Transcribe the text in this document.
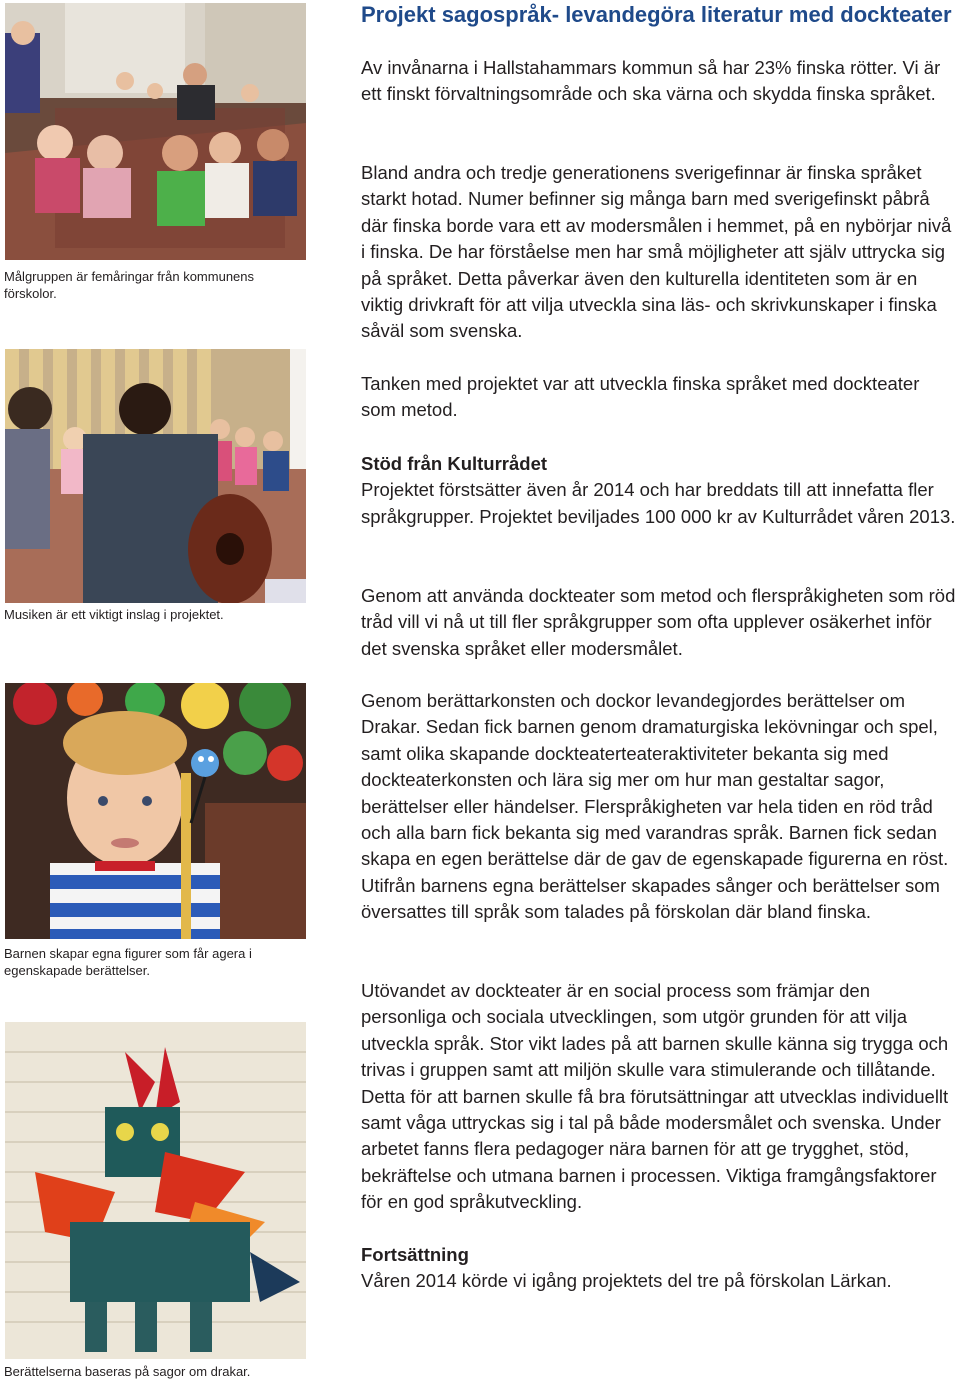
Projekt sagospråk- levandegöra literatur med dockteater
Målgruppen är femåringar från kommunens förskolor.
Musiken är ett viktigt inslag i projektet.
Barnen skapar egna figurer som får agera i egenskapade berättelser.
Berättelserna baseras på sagor om drakar.

Av invånarna i Hallstahammars kommun så har 23% finska rötter. Vi är ett finskt förvaltningsområde och ska värna och skydda finska språket.

Bland andra och tredje generationens sverigefinnar är finska språket starkt hotad. Numer befinner sig många barn med sverigefinskt påbrå där finska borde vara ett av modersmålen i hemmet, på en nybörjar nivå i finska. De har förståelse men har små möjligheter att själv uttrycka sig på språket. Detta påverkar även den kulturella identiteten som är en viktig drivkraft för att vilja utveckla sina läs- och skrivkunskaper i finska såväl som svenska.

Tanken med projektet var att utveckla finska språket med dockteater som metod.

Stöd från Kulturrådet

Projektet förstsätter även år 2014 och har breddats till att innefatta fler språkgrupper. Projektet beviljades 100 000 kr av Kulturrådet våren 2013.

Genom att använda dockteater som metod och flerspråkigheten som röd tråd vill vi nå ut till fler språkgrupper som ofta upplever osäkerhet inför det svenska språket eller modersmålet.

Genom berättarkonsten och dockor levandegjordes berättelser om Drakar. Sedan fick barnen genom dramaturgiska lekövningar och spel, samt olika skapande dockteaterteateraktiviteter bekanta sig med dockteaterkonsten och lära sig mer om hur man gestaltar sagor, berättelser eller händelser. Flerspråkigheten var hela tiden en röd tråd och alla barn fick bekanta sig med varandras språk. Barnen fick sedan skapa en egen berättelse där de gav de egenskapade figurerna en röst. Utifrån barnens egna berättelser skapades sånger och berättelser som översattes till språk som talades på förskolan där bland finska.

Utövandet av dockteater är en social process som främjar den personliga och sociala utvecklingen, som utgör grunden för att vilja utveckla språk. Stor vikt lades på att barnen skulle känna sig trygga och trivas i gruppen samt att miljön skulle vara stimulerande och tillåtande. Detta för att barnen skulle få bra förutsättningar att utvecklas individuellt samt våga uttryckas sig i tal på både modersmålet och svenska. Under arbetet fanns flera pedagoger nära barnen för att ge trygghet, stöd, bekräftelse och utmana barnen i processen. Viktiga framgångsfaktorer för en god språkutveckling.

Fortsättning

Våren 2014 körde vi igång projektets del tre på förskolan Lärkan.
